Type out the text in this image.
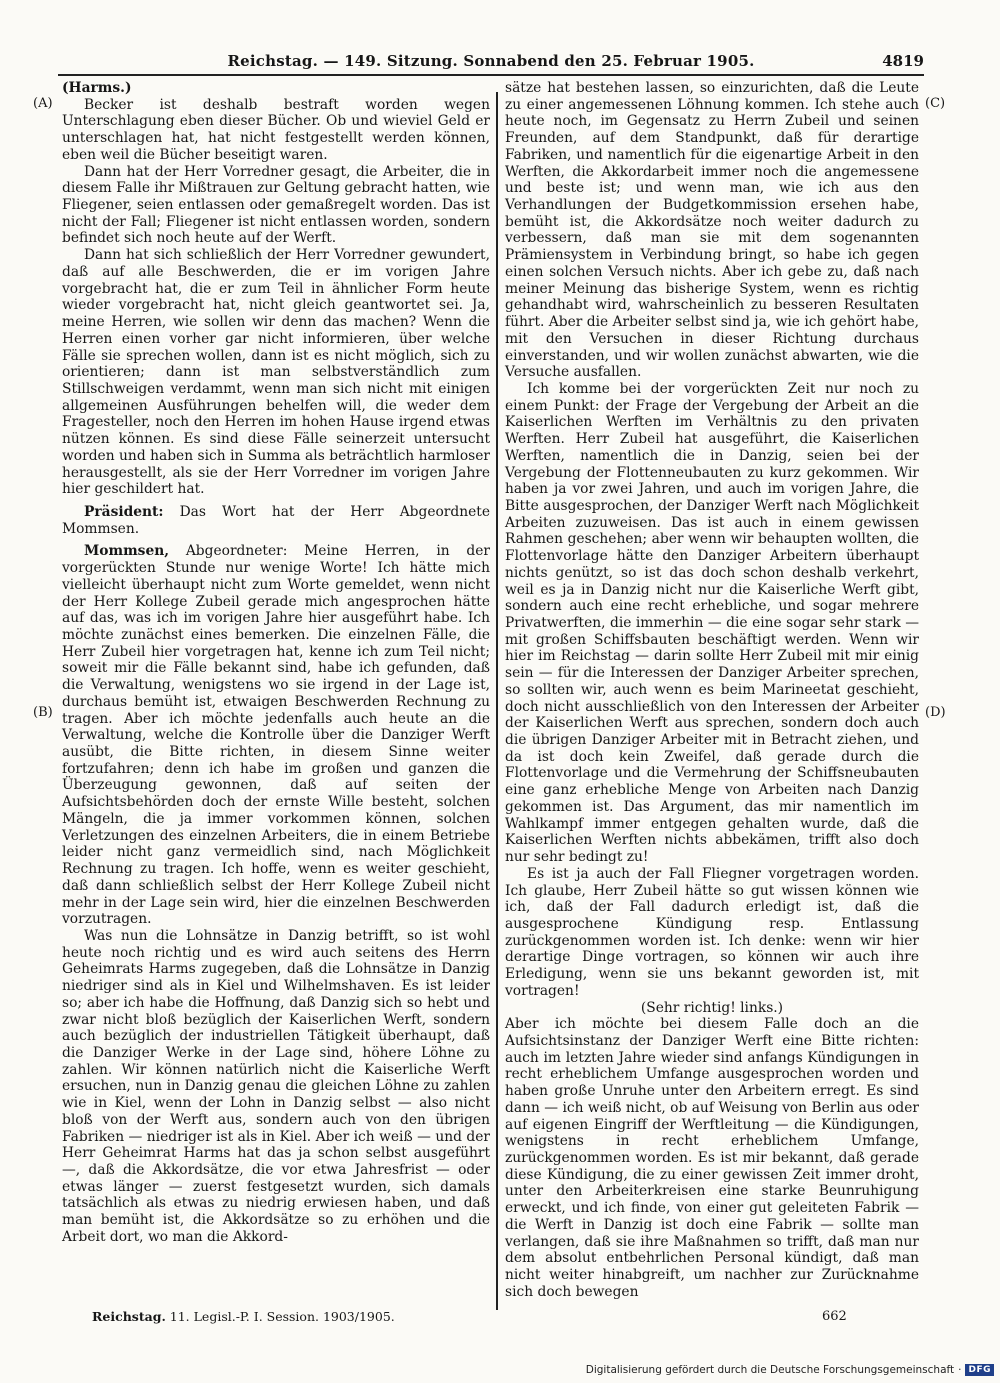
Reichstag. — 149. Sitzung. Sonnabend den 25. Februar 1905.	4819
(A)
(B)
(C)
(D)

(Harms.)

Becker ist deshalb bestraft worden wegen Unterschlagung eben dieser Bücher. Ob und wieviel Geld er unterschlagen hat, hat nicht festgestellt werden können, eben weil die Bücher beseitigt waren.

Dann hat der Herr Vorredner gesagt, die Arbeiter, die in diesem Falle ihr Mißtrauen zur Geltung gebracht hatten, wie Fliegener, seien entlassen oder gemaßregelt worden. Das ist nicht der Fall; Fliegener ist nicht entlassen worden, sondern befindet sich noch heute auf der Werft.

Dann hat sich schließlich der Herr Vorredner gewundert, daß auf alle Beschwerden, die er im vorigen Jahre vorgebracht hat, die er zum Teil in ähnlicher Form heute wieder vorgebracht hat, nicht gleich geantwortet sei. Ja, meine Herren, wie sollen wir denn das machen? Wenn die Herren einen vorher gar nicht informieren, über welche Fälle sie sprechen wollen, dann ist es nicht möglich, sich zu orientieren; dann ist man selbstverständlich zum Stillschweigen verdammt, wenn man sich nicht mit einigen allgemeinen Ausführungen behelfen will, die weder dem Fragesteller, noch den Herren im hohen Hause irgend etwas nützen können. Es sind diese Fälle seinerzeit untersucht worden und haben sich in Summa als beträchtlich harmloser herausgestellt, als sie der Herr Vorredner im vorigen Jahre hier geschildert hat.

Präsident: Das Wort hat der Herr Abgeordnete Mommsen.

Mommsen, Abgeordneter: Meine Herren, in der vorgerückten Stunde nur wenige Worte! Ich hätte mich vielleicht überhaupt nicht zum Worte gemeldet, wenn nicht der Herr Kollege Zubeil gerade mich angesprochen hätte auf das, was ich im vorigen Jahre hier ausgeführt habe. Ich möchte zunächst eines bemerken. Die einzelnen Fälle, die Herr Zubeil hier vorgetragen hat, kenne ich zum Teil nicht; soweit mir die Fälle bekannt sind, habe ich gefunden, daß die Verwaltung, wenigstens wo sie irgend in der Lage ist, durchaus bemüht ist, etwaigen Beschwerden Rechnung zu tragen. Aber ich möchte jedenfalls auch heute an die Verwaltung, welche die Kontrolle über die Danziger Werft ausübt, die Bitte richten, in diesem Sinne weiter fortzufahren; denn ich habe im großen und ganzen die Überzeugung gewonnen, daß auf seiten der Aufsichtsbehörden doch der ernste Wille besteht, solchen Mängeln, die ja immer vorkommen können, solchen Verletzungen des einzelnen Arbeiters, die in einem Betriebe leider nicht ganz vermeidlich sind, nach Möglichkeit Rechnung zu tragen. Ich hoffe, wenn es weiter geschieht, daß dann schließlich selbst der Herr Kollege Zubeil nicht mehr in der Lage sein wird, hier die einzelnen Beschwerden vorzutragen.

Was nun die Lohnsätze in Danzig betrifft, so ist wohl heute noch richtig und es wird auch seitens des Herrn Geheimrats Harms zugegeben, daß die Lohnsätze in Danzig niedriger sind als in Kiel und Wilhelmshaven. Es ist leider so; aber ich habe die Hoffnung, daß Danzig sich so hebt und zwar nicht bloß bezüglich der Kaiserlichen Werft, sondern auch bezüglich der industriellen Tätigkeit überhaupt, daß die Danziger Werke in der Lage sind, höhere Löhne zu zahlen. Wir können natürlich nicht die Kaiserliche Werft ersuchen, nun in Danzig genau die gleichen Löhne zu zahlen wie in Kiel, wenn der Lohn in Danzig selbst — also nicht bloß von der Werft aus, sondern auch von den übrigen Fabriken — niedriger ist als in Kiel. Aber ich weiß — und der Herr Geheimrat Harms hat das ja schon selbst ausgeführt —, daß die Akkordsätze, die vor etwa Jahresfrist — oder etwas länger — zuerst festgesetzt wurden, sich damals tatsächlich als etwas zu niedrig erwiesen haben, und daß man bemüht ist, die Akkordsätze so zu erhöhen und die Arbeit dort, wo man die Akkord-

sätze hat bestehen lassen, so einzurichten, daß die Leute zu einer angemessenen Löhnung kommen. Ich stehe auch heute noch, im Gegensatz zu Herrn Zubeil und seinen Freunden, auf dem Standpunkt, daß für derartige Fabriken, und namentlich für die eigenartige Arbeit in den Werften, die Akkordarbeit immer noch die angemessene und beste ist; und wenn man, wie ich aus den Verhandlungen der Budgetkommission ersehen habe, bemüht ist, die Akkordsätze noch weiter dadurch zu verbessern, daß man sie mit dem sogenannten Prämiensystem in Verbindung bringt, so habe ich gegen einen solchen Versuch nichts. Aber ich gebe zu, daß nach meiner Meinung das bisherige System, wenn es richtig gehandhabt wird, wahrscheinlich zu besseren Resultaten führt. Aber die Arbeiter selbst sind ja, wie ich gehört habe, mit den Versuchen in dieser Richtung durchaus einverstanden, und wir wollen zunächst abwarten, wie die Versuche ausfallen.

Ich komme bei der vorgerückten Zeit nur noch zu einem Punkt: der Frage der Vergebung der Arbeit an die Kaiserlichen Werften im Verhältnis zu den privaten Werften. Herr Zubeil hat ausgeführt, die Kaiserlichen Werften, namentlich die in Danzig, seien bei der Vergebung der Flottenneubauten zu kurz gekommen. Wir haben ja vor zwei Jahren, und auch im vorigen Jahre, die Bitte ausgesprochen, der Danziger Werft nach Möglichkeit Arbeiten zuzuweisen. Das ist auch in einem gewissen Rahmen geschehen; aber wenn wir behaupten wollten, die Flottenvorlage hätte den Danziger Arbeitern überhaupt nichts genützt, so ist das doch schon deshalb verkehrt, weil es ja in Danzig nicht nur die Kaiserliche Werft gibt, sondern auch eine recht erhebliche, und sogar mehrere Privatwerften, die immerhin — die eine sogar sehr stark — mit großen Schiffsbauten beschäftigt werden. Wenn wir hier im Reichstag — darin sollte Herr Zubeil mit mir einig sein — für die Interessen der Danziger Arbeiter sprechen, so sollten wir, auch wenn es beim Marineetat geschieht, doch nicht ausschließlich von den Interessen der Arbeiter der Kaiserlichen Werft aus sprechen, sondern doch auch die übrigen Danziger Arbeiter mit in Betracht ziehen, und da ist doch kein Zweifel, daß gerade durch die Flottenvorlage und die Vermehrung der Schiffsneubauten eine ganz erhebliche Menge von Arbeiten nach Danzig gekommen ist. Das Argument, das mir namentlich im Wahlkampf immer entgegen gehalten wurde, daß die Kaiserlichen Werften nichts abbekämen, trifft also doch nur sehr bedingt zu!

Es ist ja auch der Fall Fliegner vorgetragen worden. Ich glaube, Herr Zubeil hätte so gut wissen können wie ich, daß der Fall dadurch erledigt ist, daß die ausgesprochene Kündigung resp. Entlassung zurückgenommen worden ist. Ich denke: wenn wir hier derartige Dinge vortragen, so können wir auch ihre Erledigung, wenn sie uns bekannt geworden ist, mit vortragen!

(Sehr richtig! links.)

Aber ich möchte bei diesem Falle doch an die Aufsichtsinstanz der Danziger Werft eine Bitte richten: auch im letzten Jahre wieder sind anfangs Kündigungen in recht erheblichem Umfange ausgesprochen worden und haben große Unruhe unter den Arbeitern erregt. Es sind dann — ich weiß nicht, ob auf Weisung von Berlin aus oder auf eigenen Eingriff der Werftleitung — die Kündigungen, wenigstens in recht erheblichem Umfange, zurückgenommen worden. Es ist mir bekannt, daß gerade diese Kündigung, die zu einer gewissen Zeit immer droht, unter den Arbeiterkreisen eine starke Beunruhigung erweckt, und ich finde, von einer gut geleiteten Fabrik — die Werft in Danzig ist doch eine Fabrik — sollte man verlangen, daß sie ihre Maßnahmen so trifft, daß man nur dem absolut entbehrlichen Personal kündigt, daß man nicht weiter hinabgreift, um nachher zur Zurücknahme sich doch bewegen

Reichstag. 11. Legisl.-P. I. Session. 1903/1905.	662
Digitalisierung gefördert durch die Deutsche Forschungsgemeinschaft · DFG
